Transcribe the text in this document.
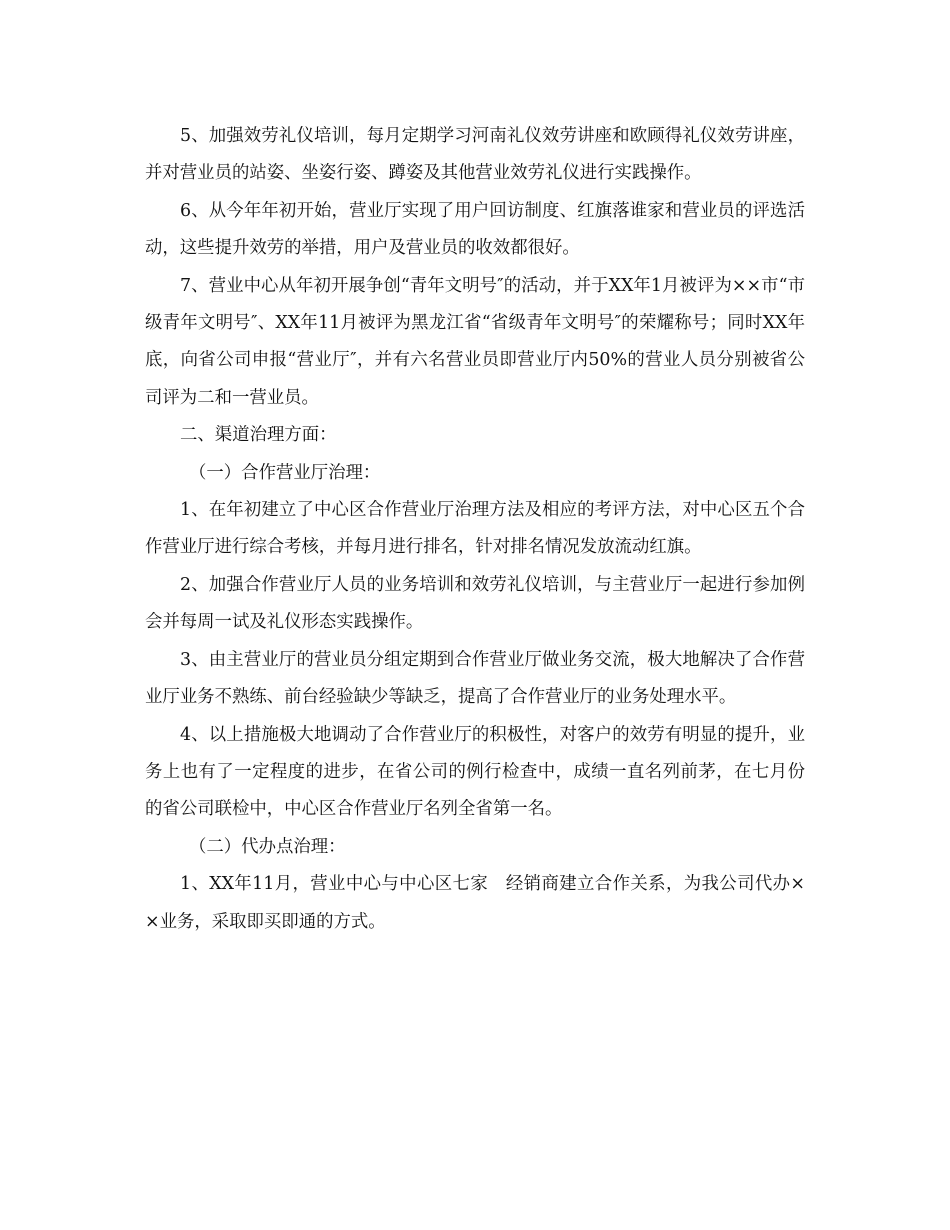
5、加强效劳礼仪培训，每月定期学习河南礼仪效劳讲座和欧顾得礼仪效劳讲座，并对营业员的站姿、坐姿行姿、蹲姿及其他营业效劳礼仪进行实践操作。

6、从今年年初开始，营业厅实现了用户回访制度、红旗落谁家和营业员的评选活动，这些提升效劳的举措，用户及营业员的收效都很好。

7、营业中心从年初开展争创“青年文明号″的活动，并于XX年1月被评为××市“市级青年文明号″、XX年11月被评为黑龙江省“省级青年文明号″的荣耀称号；同时XX年底，向省公司申报“营业厅″，并有六名营业员即营业厅内50%的营业人员分别被省公司评为二和一营业员。

二、渠道治理方面：

（一）合作营业厅治理：

1、在年初建立了中心区合作营业厅治理方法及相应的考评方法，对中心区五个合作营业厅进行综合考核，并每月进行排名，针对排名情况发放流动红旗。

2、加强合作营业厅人员的业务培训和效劳礼仪培训，与主营业厅一起进行参加例会并每周一试及礼仪形态实践操作。

3、由主营业厅的营业员分组定期到合作营业厅做业务交流，极大地解决了合作营业厅业务不熟练、前台经验缺少等缺乏，提高了合作营业厅的业务处理水平。

4、以上措施极大地调动了合作营业厅的积极性，对客户的效劳有明显的提升，业务上也有了一定程度的进步，在省公司的例行检查中，成绩一直名列前茅，在七月份的省公司联检中，中心区合作营业厅名列全省第一名。

（二）代办点治理：

1、XX年11月，营业中心与中心区七家　经销商建立合作关系，为我公司代办××业务，采取即买即通的方式。
